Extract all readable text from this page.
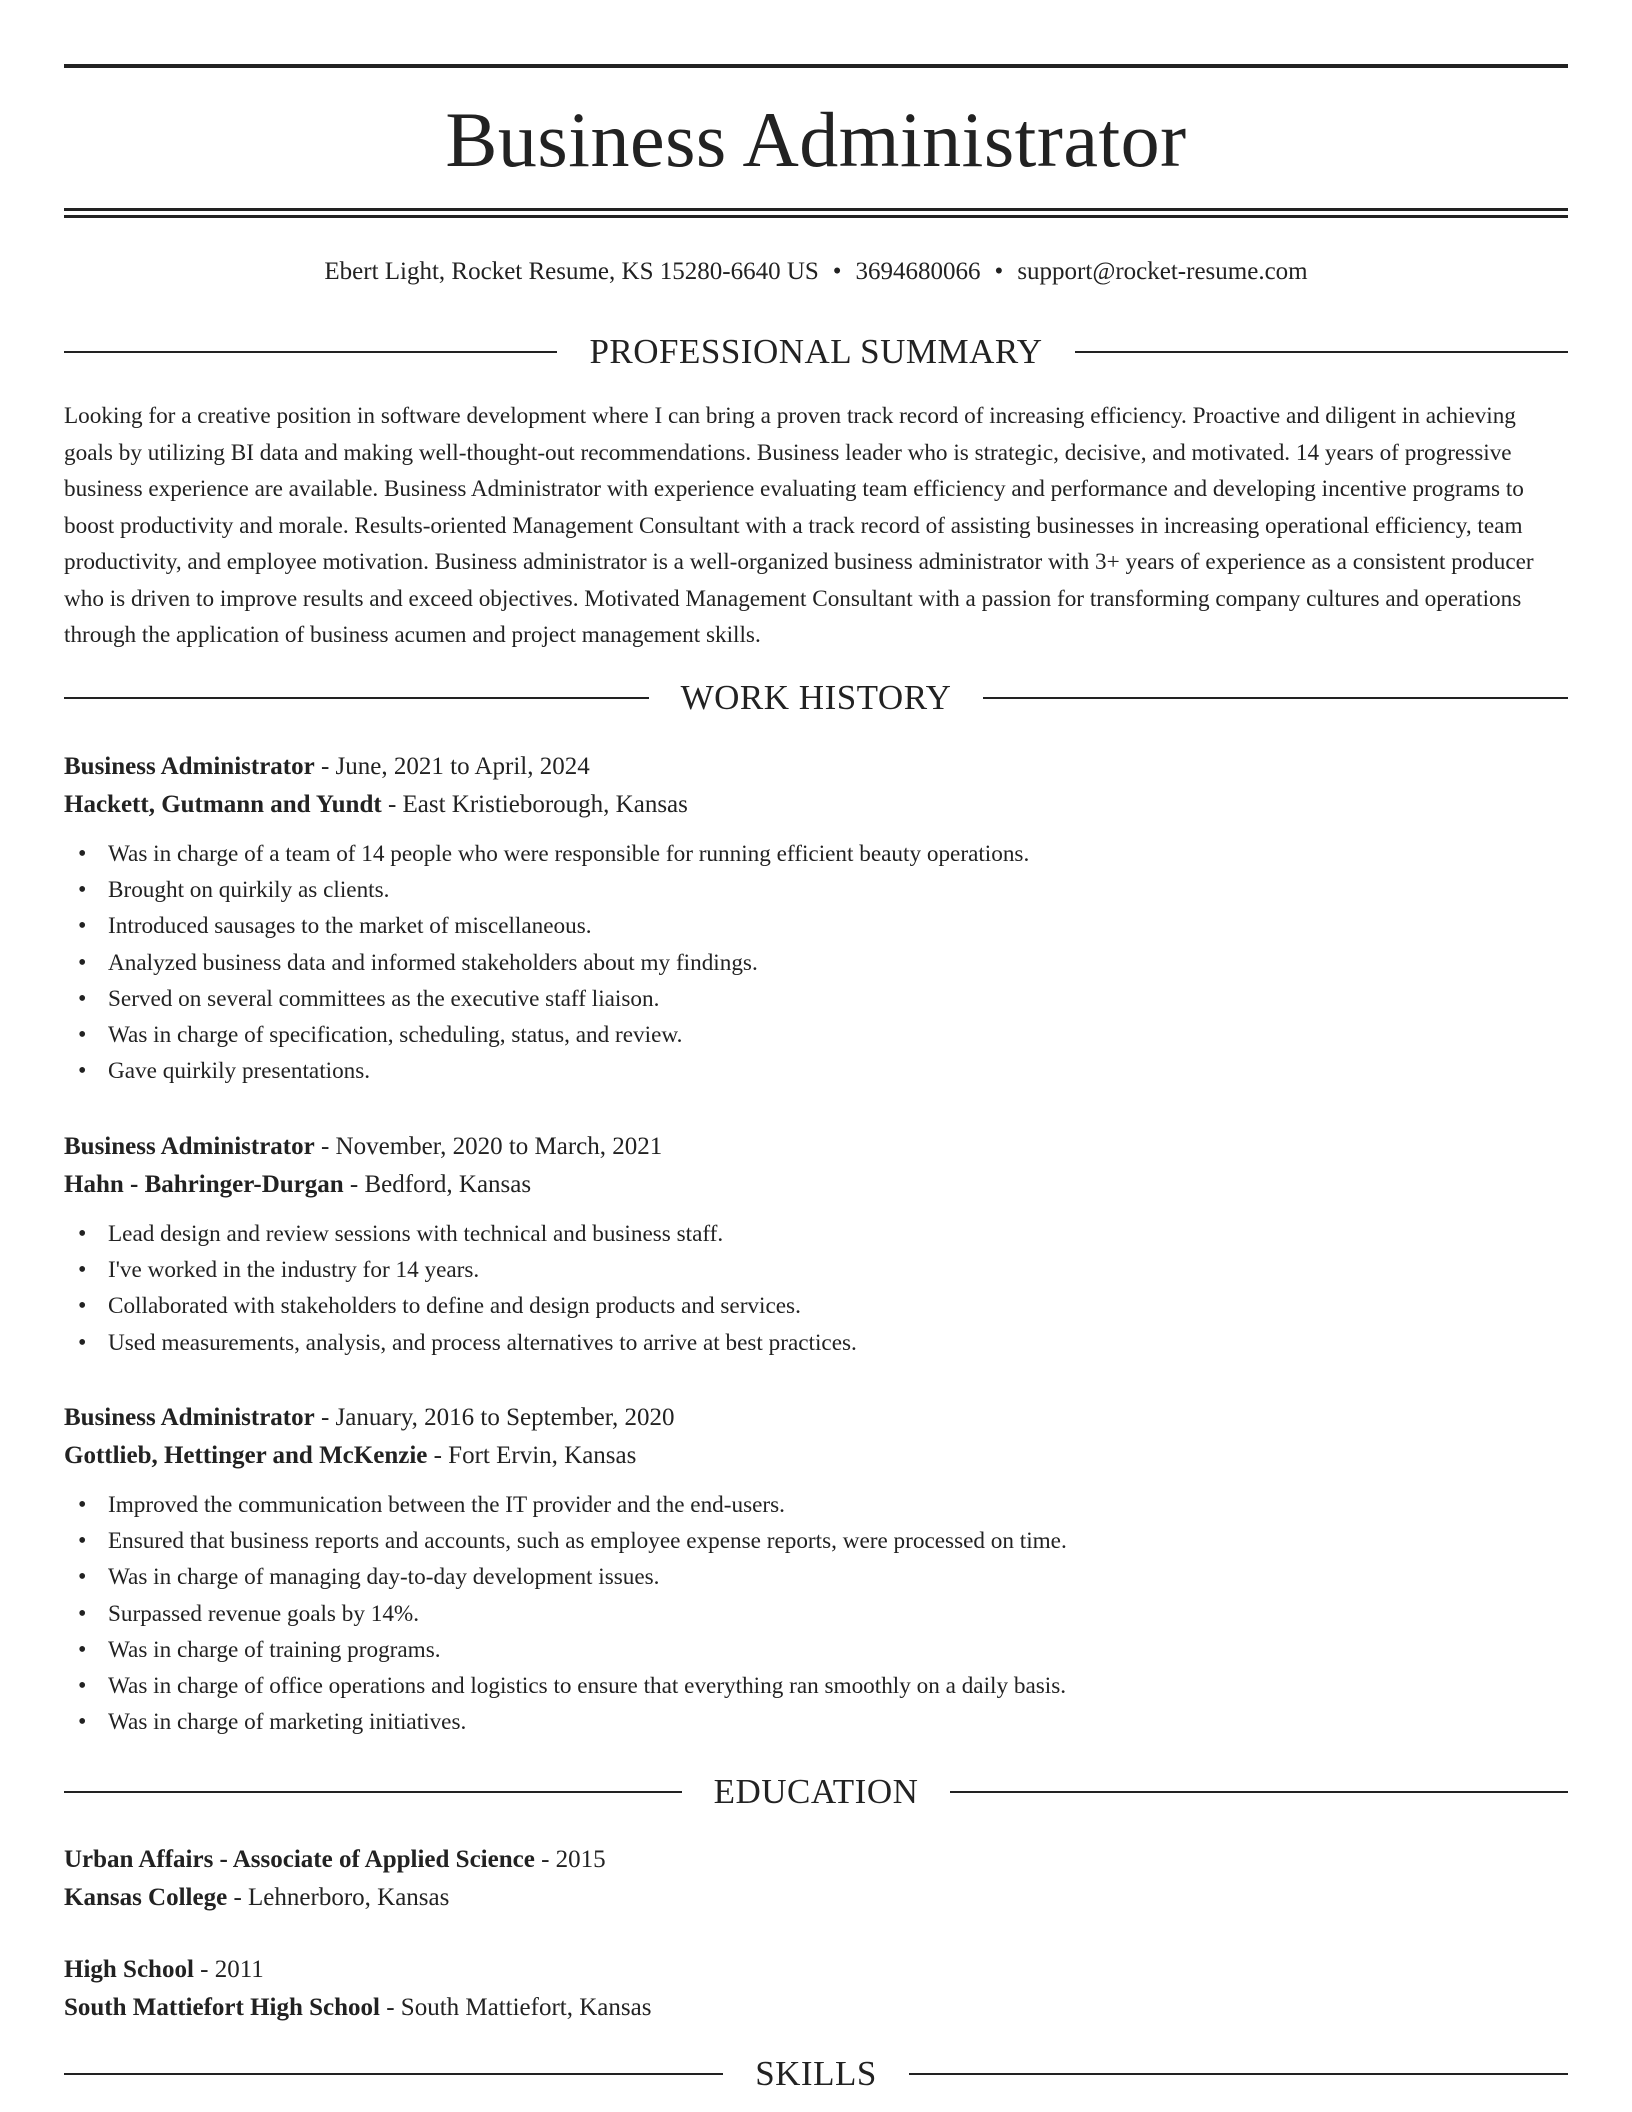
Business Administrator
Ebert Light, Rocket Resume, KS 15280-6640 US • 3694680066 • support@rocket-resume.com
PROFESSIONAL SUMMARY

Looking for a creative position in software development where I can bring a proven track record of increasing efficiency. Proactive and diligent in achieving goals by utilizing BI data and making well-thought-out recommendations. Business leader who is strategic, decisive, and motivated. 14 years of progressive business experience are available. Business Administrator with experience evaluating team efficiency and performance and developing incentive programs to boost productivity and morale. Results-oriented Management Consultant with a track record of assisting businesses in increasing operational efficiency, team productivity, and employee motivation. Business administrator is a well-organized business administrator with 3+ years of experience as a consistent producer who is driven to improve results and exceed objectives. Motivated Management Consultant with a passion for transforming company cultures and operations through the application of business acumen and project management skills.

WORK HISTORY
Business Administrator - June, 2021 to April, 2024
Hackett, Gutmann and Yundt - East Kristieborough, Kansas
• Was in charge of a team of 14 people who were responsible for running efficient beauty operations.
• Brought on quirkily as clients.
• Introduced sausages to the market of miscellaneous.
• Analyzed business data and informed stakeholders about my findings.
• Served on several committees as the executive staff liaison.
• Was in charge of specification, scheduling, status, and review.
• Gave quirkily presentations.
Business Administrator - November, 2020 to March, 2021
Hahn - Bahringer-Durgan - Bedford, Kansas
• Lead design and review sessions with technical and business staff.
• I've worked in the industry for 14 years.
• Collaborated with stakeholders to define and design products and services.
• Used measurements, analysis, and process alternatives to arrive at best practices.
Business Administrator - January, 2016 to September, 2020
Gottlieb, Hettinger and McKenzie - Fort Ervin, Kansas
• Improved the communication between the IT provider and the end-users.
• Ensured that business reports and accounts, such as employee expense reports, were processed on time.
• Was in charge of managing day-to-day development issues.
• Surpassed revenue goals by 14%.
• Was in charge of training programs.
• Was in charge of office operations and logistics to ensure that everything ran smoothly on a daily basis.
• Was in charge of marketing initiatives.
EDUCATION
Urban Affairs - Associate of Applied Science - 2015
Kansas College - Lehnerboro, Kansas
High School - 2011
South Mattiefort High School - South Mattiefort, Kansas
SKILLS
